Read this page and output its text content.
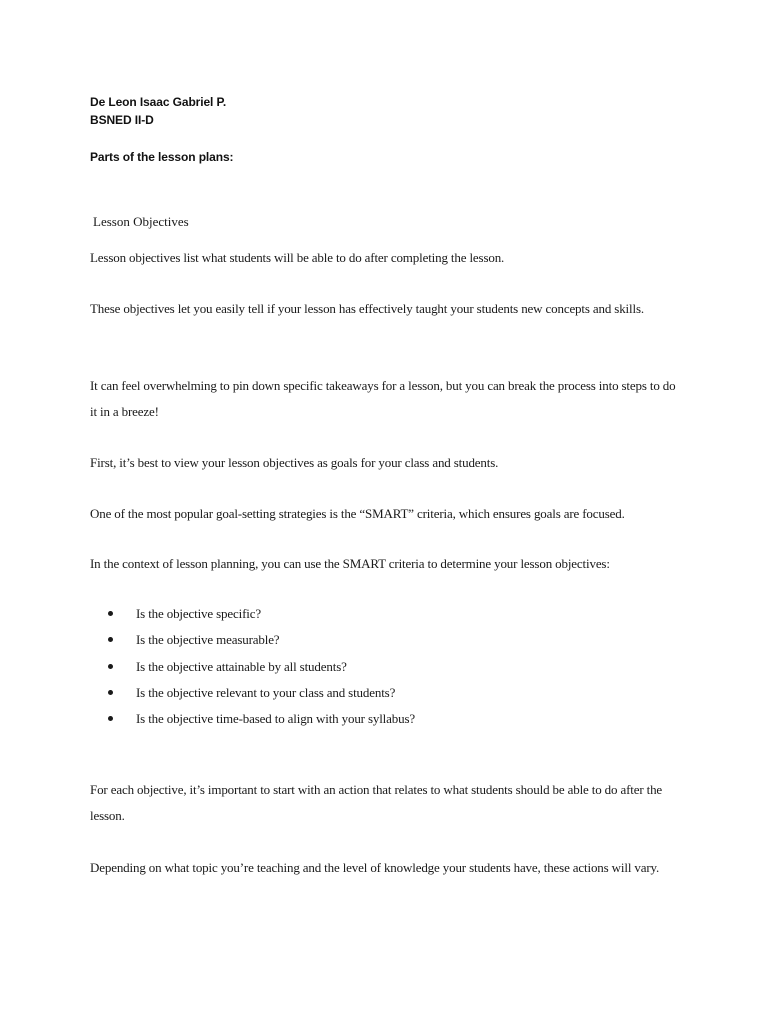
De Leon Isaac Gabriel P.
BSNED II-D
Parts of the lesson plans:
Lesson Objectives
Lesson objectives list what students will be able to do after completing the lesson.
These objectives let you easily tell if your lesson has effectively taught your students new concepts and skills.
It can feel overwhelming to pin down specific takeaways for a lesson, but you can break the process into steps to do it in a breeze!
First, it’s best to view your lesson objectives as goals for your class and students.
One of the most popular goal-setting strategies is the “SMART” criteria, which ensures goals are focused.
In the context of lesson planning, you can use the SMART criteria to determine your lesson objectives:
Is the objective specific?
Is the objective measurable?
Is the objective attainable by all students?
Is the objective relevant to your class and students?
Is the objective time-based to align with your syllabus?
For each objective, it’s important to start with an action that relates to what students should be able to do after the lesson.
Depending on what topic you’re teaching and the level of knowledge your students have, these actions will vary.
